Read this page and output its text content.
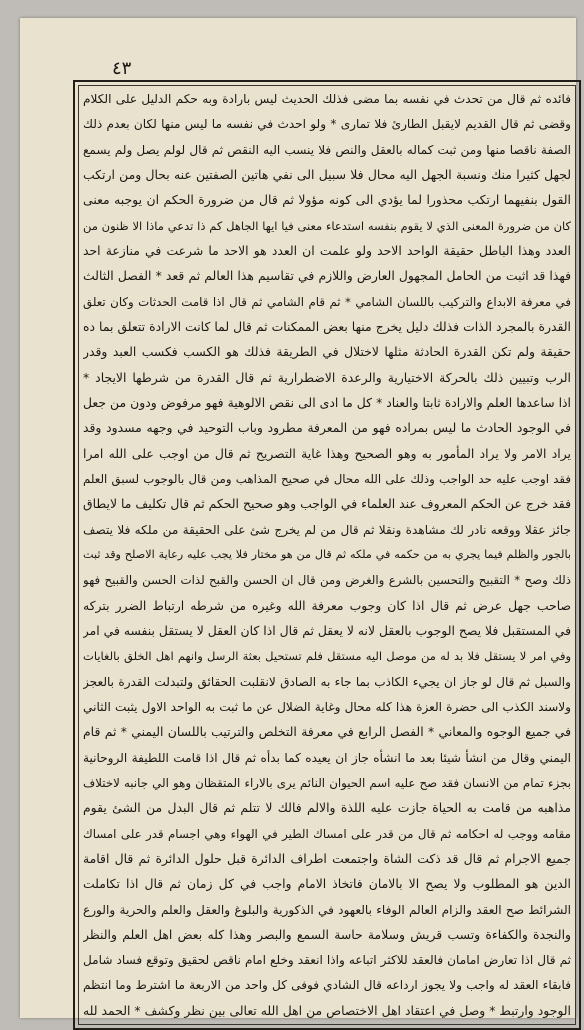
٤٣
فائده ثم قال من تحدث في نفسه بما مضى فذلك الحديث ليس بارادة وبه حكم الدليل على الكلام
وقضى ثم قال القديم لايقبل الطارئ فلا تمارى * ولو احدث في نفسه ما ليس منها لكان بعدم ذلك
الصفة ناقصا منها ومن ثبت كماله بالعقل والنص فلا ينسب اليه النقص ثم قال لولم يصل ولم يسمع
لجهل كثيرا منك ونسبة الجهل اليه محال فلا سبيل الى نفي هاتين الصفتين عنه بحال ومن ارتكب
القول بنفيهما ارتكب محذورا لما يؤدي الى كونه مؤولا ثم قال من ضرورة الحكم ان يوجبه معنى
كان من ضرورة المعنى الذي لا يقوم بنفسه استدعاء معنى فيا ايها الجاهل كم ذا تدعي ماذا الا ظنون من
العدد وهذا الباطل حقيقة الواحد الاحد ولو علمت ان العدد هو الاحد ما شرعت في منازعة احد
فهذا قد اثبت من الحامل المجهول العارض واللازم في تقاسيم هذا العالم ثم قعد * الفصل الثالث
في معرفة الابداع والتركيب باللسان الشامي * ثم قام الشامي ثم قال اذا قامت الحدثات وكان تعلق
القدرة بالمجرد الذات فذلك دليل يخرج منها بعض الممكنات ثم قال لما كانت الارادة تتعلق بما ده
حقيقة ولم تكن القدرة الحادثة مثلها لاختلال في الطريقة فذلك هو الكسب فكسب العبد وقدر
الرب وتبيين ذلك بالحركة الاختيارية والرعدة الاضطرارية ثم قال القدرة من شرطها الايجاد *
اذا ساعدها العلم والارادة ثابتا والعناد * كل ما ادى الى نقص الالوهية فهو مرفوض ودون من جعل
في الوجود الحادث ما ليس بمراده فهو من المعرفة مطرود وباب التوحيد في وجهه مسدود وقد
يراد الامر ولا يراد المأمور به وهو الصحيح وهذا غاية التصريح ثم قال من اوجب على الله امرا
فقد اوجب عليه حد الواجب وذلك على الله محال في صحيح المذاهب ومن قال بالوجوب لسبق العلم
فقد خرج عن الحكم المعروف عند العلماء في الواجب وهو صحيح الحكم ثم قال تكليف ما لايطاق
جائز عقلا ووقعه نادر لك مشاهدة ونقلا ثم قال من لم يخرج شئ على الحقيقة من ملكه فلا يتصف
بالجور والظلم فيما يجري به من حكمه في ملكه ثم قال من هو مختار فلا يجب عليه رعاية الاصلح وقد ثبت
ذلك وصح * التقبيح والتحسين بالشرع والغرض ومن قال ان الحسن والقبح لذات الحسن والقبيح فهو
صاحب جهل عرض ثم قال اذا كان وجوب معرفة الله وغيره من شرطه ارتباط الضرر بتركه
في المستقبل فلا يصح الوجوب بالعقل لانه لا يعقل ثم قال اذا كان العقل لا يستقل بنفسه في امر
وفي امر لا يستقل فلا بد له من موصل اليه مستقل فلم تستحيل بعثة الرسل وانهم اهل الخلق بالغايات
والسبل ثم قال لو جاز ان يجيء الكاذب بما جاء به الصادق لانقلبت الحقائق ولتبدلت القدرة بالعجز
ولاسند الكذب الى حضرة العزة هذا كله محال وغاية الضلال عن ما ثبت به الواحد الاول يثبت الثاني
في جميع الوجوه والمعاني * الفصل الرابع في معرفة التخلص والترتيب باللسان اليمني * ثم قام
اليمني وقال من انشأ شيئا بعد ما انشأه جاز ان يعيده كما بدأه ثم قال اذا قامت اللطيفة الروحانية
بجزء تمام من الانسان فقد صح عليه اسم الحيوان النائم يرى بالاراء المتقظان وهو الي جانبه لاختلاف
مذاهبه من قامت به الحياة جازت عليه اللذة والالم فالك لا تتلم ثم قال البدل من الشئ يقوم
مقامه ووجب له احكامه ثم قال من قدر على امساك الطير في الهواء وهي اجسام قدر على امساك
جميع الاجرام ثم قال قد ذكت الشاة واجتمعت اطراف الدائرة قبل حلول الدائرة ثم قال اقامة
الدين هو المطلوب ولا يصح الا بالامان فاتخاذ الامام واجب في كل زمان ثم قال اذا تكاملت
الشرائط صح العقد والزام العالم الوفاء بالعهود في الذكورية والبلوغ والعقل والعلم والحرية والورع
والنجدة والكفاءة وتسب قريش وسلامة حاسة السمع والبصر وهذا كله بعض اهل العلم والنظر
ثم قال اذا تعارض امامان فالعقد للاكثر اتباعه واذا انعقد وخلع امام ناقص لحقيق وتوقع فساد شامل
فابقاء العقد له واجب ولا يجوز ارداعه قال الشادي فوفى كل واحد من الاربعة ما اشترط وما انتظم
الوجود وارتبط * وصل في اعتقاد اهل الاختصاص من اهل الله تعالى بين نظر وكشف * الحمد لله
